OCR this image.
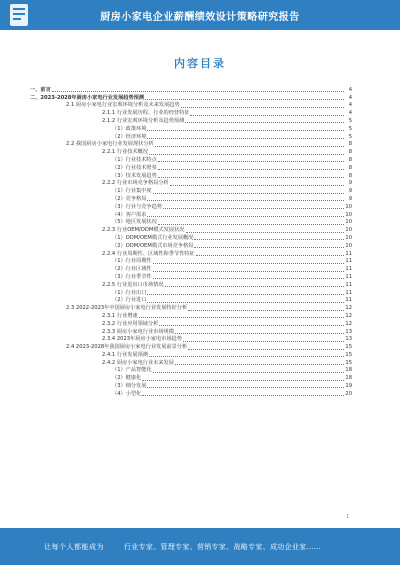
厨房小家电企业薪酬绩效设计策略研究报告
内容目录
一、前言	4
二、2023-2028年厨房小家电行业发展趋势预测	4
2.1 厨房小家电行业宏观环境分析及未来发展趋势	4
2.1.1 行业发展历程、行业的经营特征	4
2.1.2 行业宏观环境分析及趋势预测	5
（1）政策环境	5
（2）经济环境	5
2.2 我国厨房小家电行业发展现状分析	8
2.2.1 行业技术概况	8
（1）行业技术特点	8
（2）行业技术壁垒	8
（3）技术发展趋势	8
2.2.2 行业市场竞争格局分析	9
（1）行业集中度	9
（2）竞争格局	9
（3）行业与竞争趋势	10
（4）客户需求	10
（5）地区发展状况	10
2.2.3 行业OEM/ODM模式发展状况	10
（1）ODM/OEM模式行业发展概况	10
（2）ODM/OEM模式市场竞争格局	10
2.2.4 行业周期性、区域性和季节性特征	11
（1）行业周期性	11
（2）行业区域性	11
（3）行业季节性	11
2.2.5 行业进出口市场情况	11
（1）行业出口	11
（2）行业进口	11
2.3 2022-2023年中国厨房小家电行业发展特征分析	12
2.3.1 行业增速	12
2.3.2 行业应用领域分析	12
2.3.3 厨房小家电行业市场规模	13
2.3.4 2023年厨房小家电市场趋势	13
2.4 2023-2028年我国厨房小家电行业发展前景分析	15
2.4.1 行业发展预测	15
2.4.2 厨房小家电行业未来发展	15
（1）产品智能化	18
（2）健康化	18
（3）细分发展	19
（4）小型化	20
1
让每个人都能成为	行业专家、管理专家、营销专家、战略专家、成功企业家……
